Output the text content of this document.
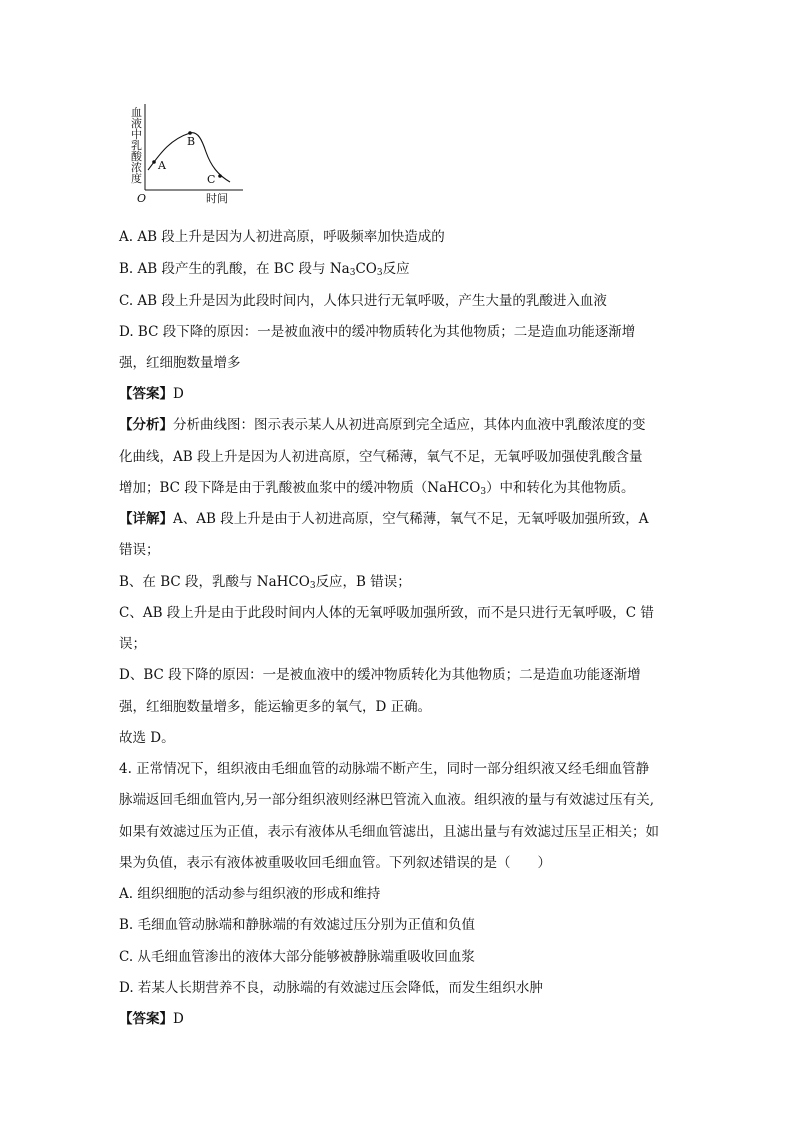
血
液
中
乳
酸
浓
度
O	时间
A
B
C
A. AB 段上升是因为人初进高原，呼吸频率加快造成的
B. AB 段产生的乳酸，在 BC 段与 $Na_3CO_3$反应
C. AB 段上升是因为此段时间内，人体只进行无氧呼吸，产生大量的乳酸进入血液
D. BC 段下降的原因：一是被血液中的缓冲物质转化为其他物质；二是造血功能逐渐增
强，红细胞数量增多
【答案】D
【分析】分析曲线图：图示表示某人从初进高原到完全适应，其体内血液中乳酸浓度的变
化曲线，AB 段上升是因为人初进高原，空气稀薄，氧气不足，无氧呼吸加强使乳酸含量
增加；BC 段下降是由于乳酸被血浆中的缓冲物质（NaHCO$_3$）中和转化为其他物质。
【详解】A、AB 段上升是由于人初进高原，空气稀薄，氧气不足，无氧呼吸加强所致，A
错误；
B、在 BC 段，乳酸与 NaHCO$_3$反应，B 错误；
C、AB 段上升是由于此段时间内人体的无氧呼吸加强所致，而不是只进行无氧呼吸，C 错
误；
D、BC 段下降的原因：一是被血液中的缓冲物质转化为其他物质；二是造血功能逐渐增
强，红细胞数量增多，能运输更多的氧气，D 正确。
故选 D。
4. 正常情况下，组织液由毛细血管的动脉端不断产生，同时一部分组织液又经毛细血管静
脉端返回毛细血管内,另一部分组织液则经淋巴管流入血液。组织液的量与有效滤过压有关,
如果有效滤过压为正值，表示有液体从毛细血管滤出，且滤出量与有效滤过压呈正相关；如
果为负值，表示有液体被重吸收回毛细血管。下列叙述错误的是（　　）
A. 组织细胞的活动参与组织液的形成和维持
B. 毛细血管动脉端和静脉端的有效滤过压分别为正值和负值
C. 从毛细血管渗出的液体大部分能够被静脉端重吸收回血浆
D. 若某人长期营养不良，动脉端的有效滤过压会降低，而发生组织水肿
【答案】D
